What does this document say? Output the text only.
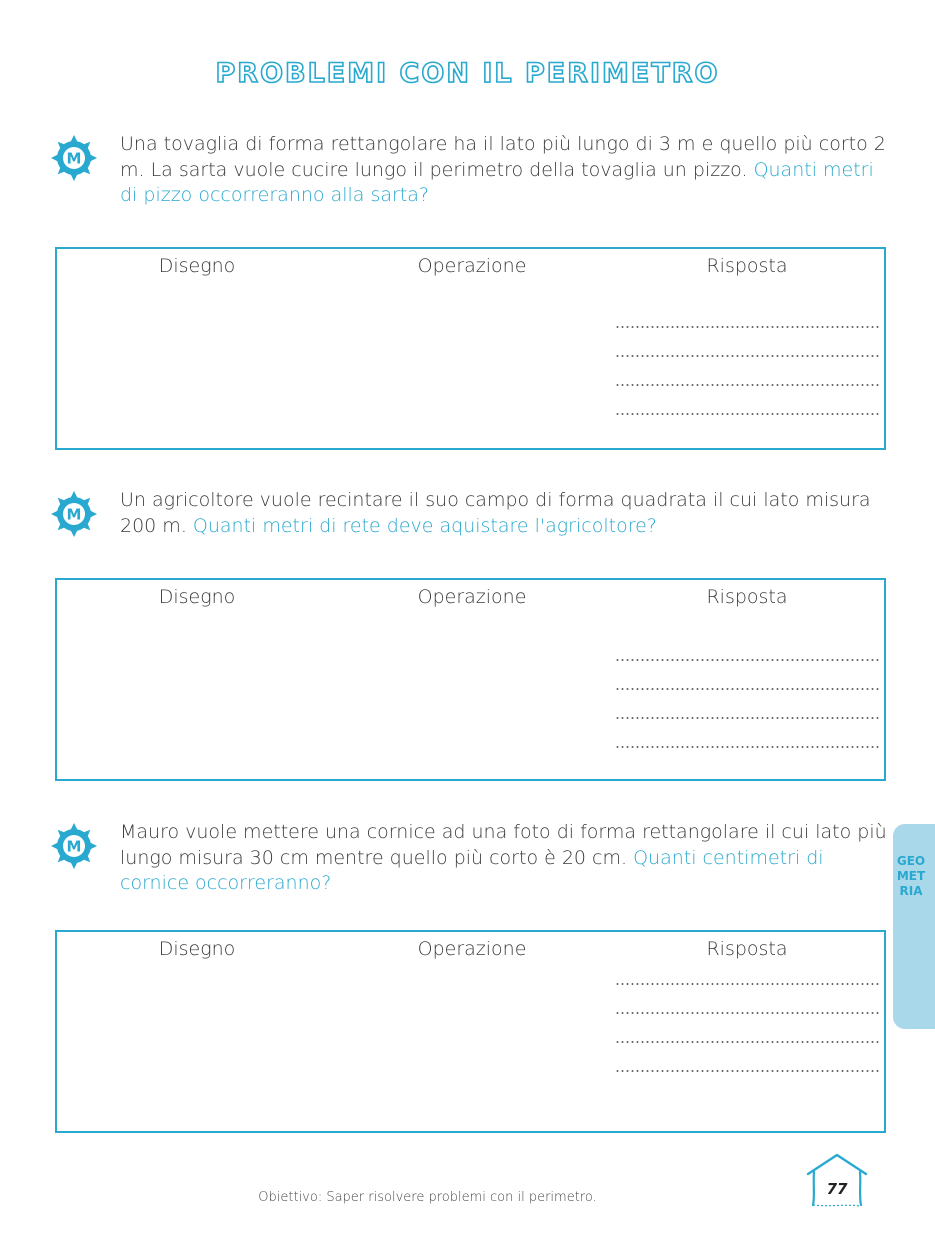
PROBLEMI CON IL PERIMETRO
M
Una tovaglia di forma rettangolare ha il lato più lungo di 3 m e quello più corto 2 m. La sarta vuole cucire lungo il perimetro della tovaglia un pizzo. Quanti metri di pizzo occorreranno alla sarta?
Disegno	Operazione	Risposta
M
Un agricoltore vuole recintare il suo campo di forma quadrata il cui lato misura 200 m. Quanti metri di rete deve aquistare l'agricoltore?
Disegno	Operazione	Risposta
M
Mauro vuole mettere una cornice ad una foto di forma rettangolare il cui lato più lungo misura 30 cm mentre quello più corto è 20 cm. Quanti centimetri di cornice occorreranno?
Disegno	Operazione	Risposta
GEOMETRIA
Obiettivo: Saper risolvere problemi con il perimetro.	77
